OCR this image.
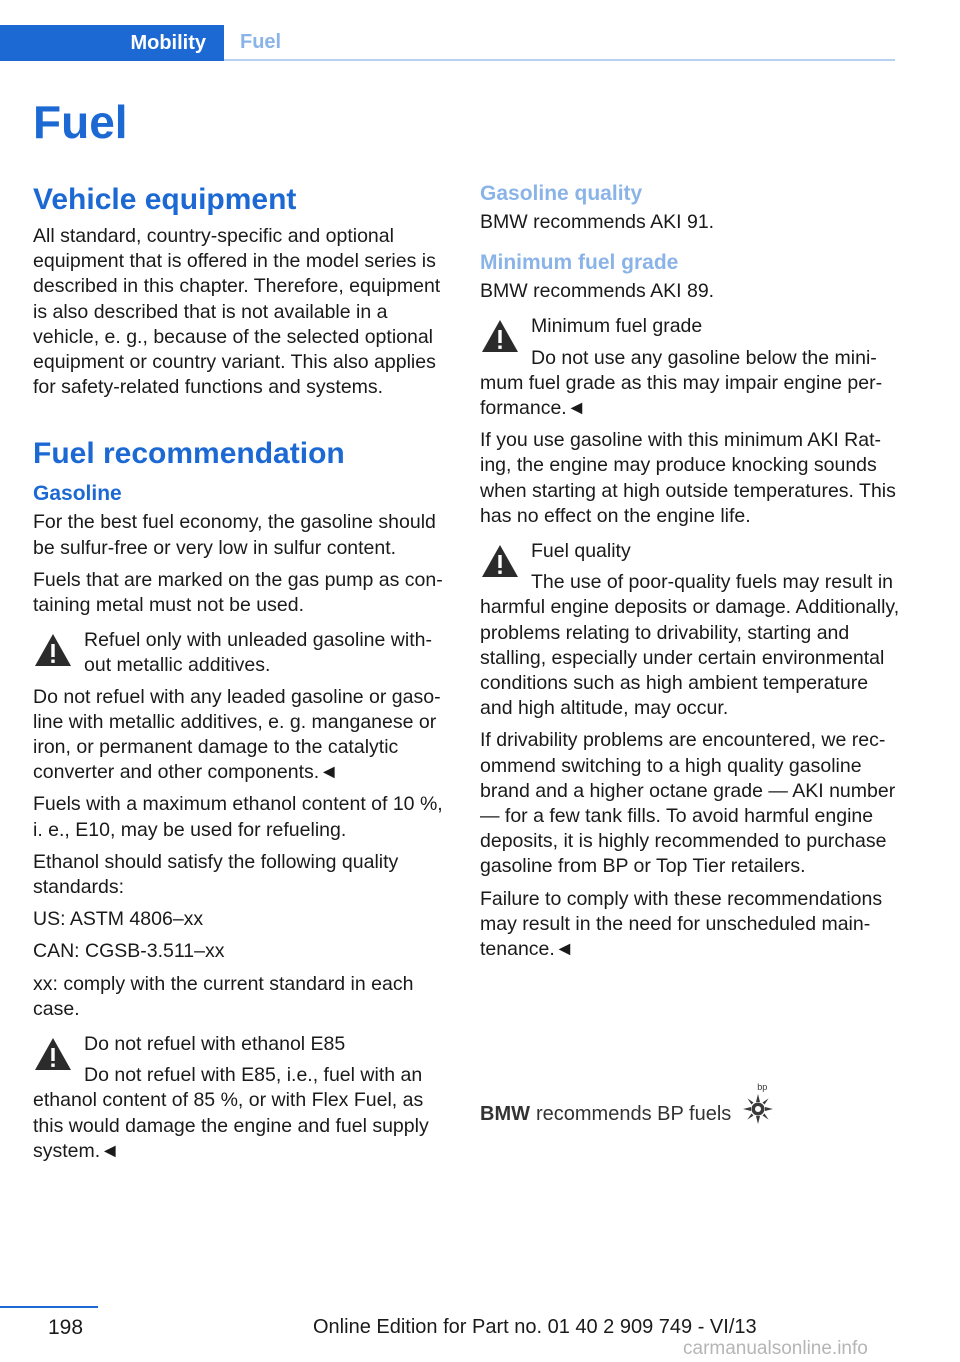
Mobility	Fuel
Fuel
Vehicle equipment

All standard, country-specific and optional equipment that is offered in the model series is described in this chapter. Therefore, equipment is also described that is not available in a vehicle, e. g., because of the selected optional equipment or country variant. This also applies for safety-related functions and systems.

Fuel recommendation
Gasoline

For the best fuel economy, the gasoline should be sulfur-free or very low in sulfur content.

Fuels that are marked on the gas pump as containing metal must not be used.

Refuel only with unleaded gasoline without metallic additives.
Do not refuel with any leaded gasoline or gasoline with metallic additives, e. g. manganese or iron, or permanent damage to the catalytic converter and other components.◄

Fuels with a maximum ethanol content of 10 %, i. e., E10, may be used for refueling.

Ethanol should satisfy the following quality standards:

US: ASTM 4806–xx

CAN: CGSB-3.511–xx

xx: comply with the current standard in each case.

Do not refuel with ethanol E85
Do not refuel with E85, i.e., fuel with an ethanol content of 85 %, or with Flex Fuel, as this would damage the engine and fuel supply system.◄
Gasoline quality

BMW recommends AKI 91.

Minimum fuel grade

BMW recommends AKI 89.

Minimum fuel grade
Do not use any gasoline below the minimum fuel grade as this may impair engine performance.◄

If you use gasoline with this minimum AKI Rating, the engine may produce knocking sounds when starting at high outside temperatures. This has no effect on the engine life.

Fuel quality
The use of poor-quality fuels may result in harmful engine deposits or damage. Additionally, problems relating to drivability, starting and stalling, especially under certain environmental conditions such as high ambient temperature and high altitude, may occur.

If drivability problems are encountered, we recommend switching to a high quality gasoline brand and a higher octane grade — AKI number — for a few tank fills. To avoid harmful engine deposits, it is highly recommended to purchase gasoline from BP or Top Tier retailers.

Failure to comply with these recommendations may result in the need for unscheduled maintenance.◄

BMW recommends BP fuels
bp
198	Online Edition for Part no. 01 40 2 909 749 - VI/13
carmanualsonline.info
